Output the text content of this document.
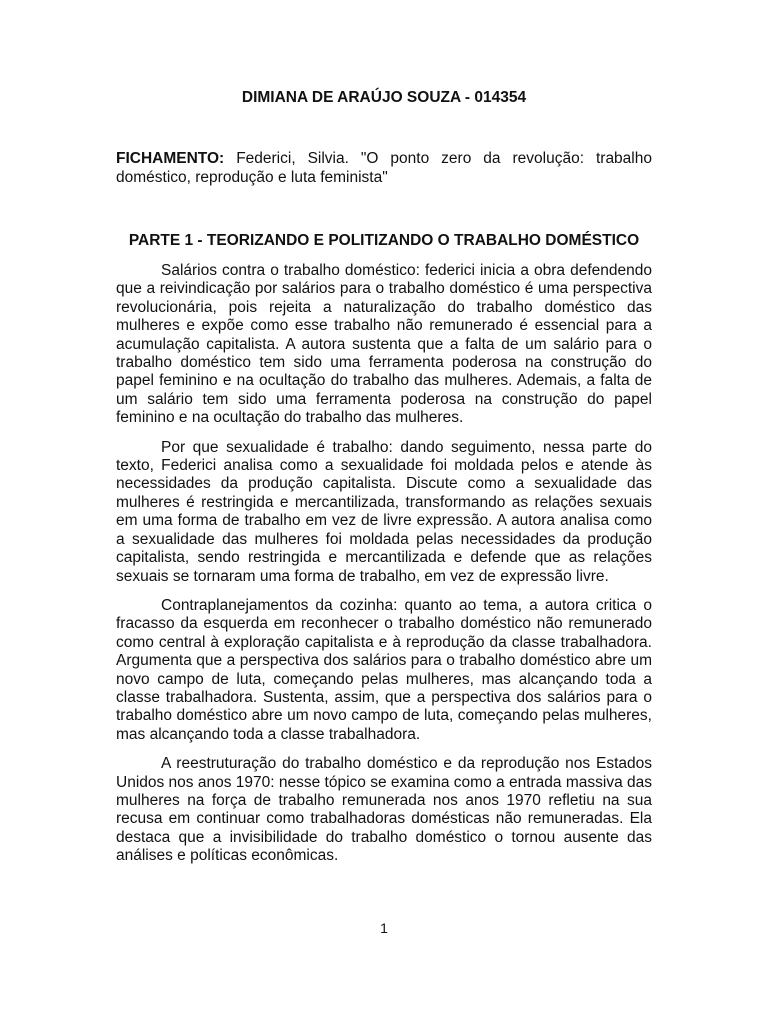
DIMIANA DE ARAÚJO SOUZA - 014354

FICHAMENTO: Federici, Silvia. "O ponto zero da revolução: trabalho doméstico, reprodução e luta feminista"

PARTE 1 - TEORIZANDO E POLITIZANDO O TRABALHO DOMÉSTICO

Salários contra o trabalho doméstico: federici inicia a obra defendendo que a reivindicação por salários para o trabalho doméstico é uma perspectiva revolucionária, pois rejeita a naturalização do trabalho doméstico das mulheres e expõe como esse trabalho não remunerado é essencial para a acumulação capitalista. A autora sustenta que a falta de um salário para o trabalho doméstico tem sido uma ferramenta poderosa na construção do papel feminino e na ocultação do trabalho das mulheres. Ademais, a falta de um salário tem sido uma ferramenta poderosa na construção do papel feminino e na ocultação do trabalho das mulheres.

Por que sexualidade é trabalho: dando seguimento, nessa parte do texto, Federici analisa como a sexualidade foi moldada pelos e atende às necessidades da produção capitalista. Discute como a sexualidade das mulheres é restringida e mercantilizada, transformando as relações sexuais em uma forma de trabalho em vez de livre expressão. A autora analisa como a sexualidade das mulheres foi moldada pelas necessidades da produção capitalista, sendo restringida e mercantilizada e defende que as relações sexuais se tornaram uma forma de trabalho, em vez de expressão livre.

Contraplanejamentos da cozinha: quanto ao tema, a autora critica o fracasso da esquerda em reconhecer o trabalho doméstico não remunerado como central à exploração capitalista e à reprodução da classe trabalhadora. Argumenta que a perspectiva dos salários para o trabalho doméstico abre um novo campo de luta, começando pelas mulheres, mas alcançando toda a classe trabalhadora. Sustenta, assim, que a perspectiva dos salários para o trabalho doméstico abre um novo campo de luta, começando pelas mulheres, mas alcançando toda a classe trabalhadora.

A reestruturação do trabalho doméstico e da reprodução nos Estados Unidos nos anos 1970: nesse tópico se examina como a entrada massiva das mulheres na força de trabalho remunerada nos anos 1970 refletiu na sua recusa em continuar como trabalhadoras domésticas não remuneradas. Ela destaca que a invisibilidade do trabalho doméstico o tornou ausente das análises e políticas econômicas.

1
